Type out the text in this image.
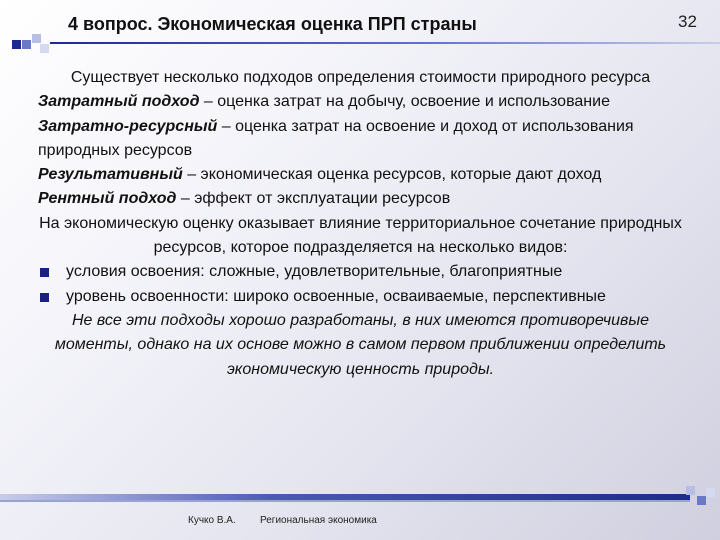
4 вопрос. Экономическая оценка ПРП страны	32

Существует несколько подходов определения стоимости природного ресурса

Затратный подход – оценка затрат на добычу, освоение и использование

Затратно-ресурсный – оценка затрат на освоение и доход от использования природных ресурсов

Результативный – экономическая оценка ресурсов, которые дают доход

Рентный подход – эффект от эксплуатации ресурсов

На экономическую оценку оказывает влияние территориальное сочетание природных ресурсов, которое подразделяется на несколько видов:

условия освоения: сложные, удовлетворительные, благоприятные

уровень освоенности: широко освоенные, осваиваемые, перспективные

Не все эти подходы хорошо разработаны, в них имеются противоречивые моменты, однако на их основе можно в самом первом приближении определить экономическую ценность природы.

Кучко В.А. Региональная экономика
